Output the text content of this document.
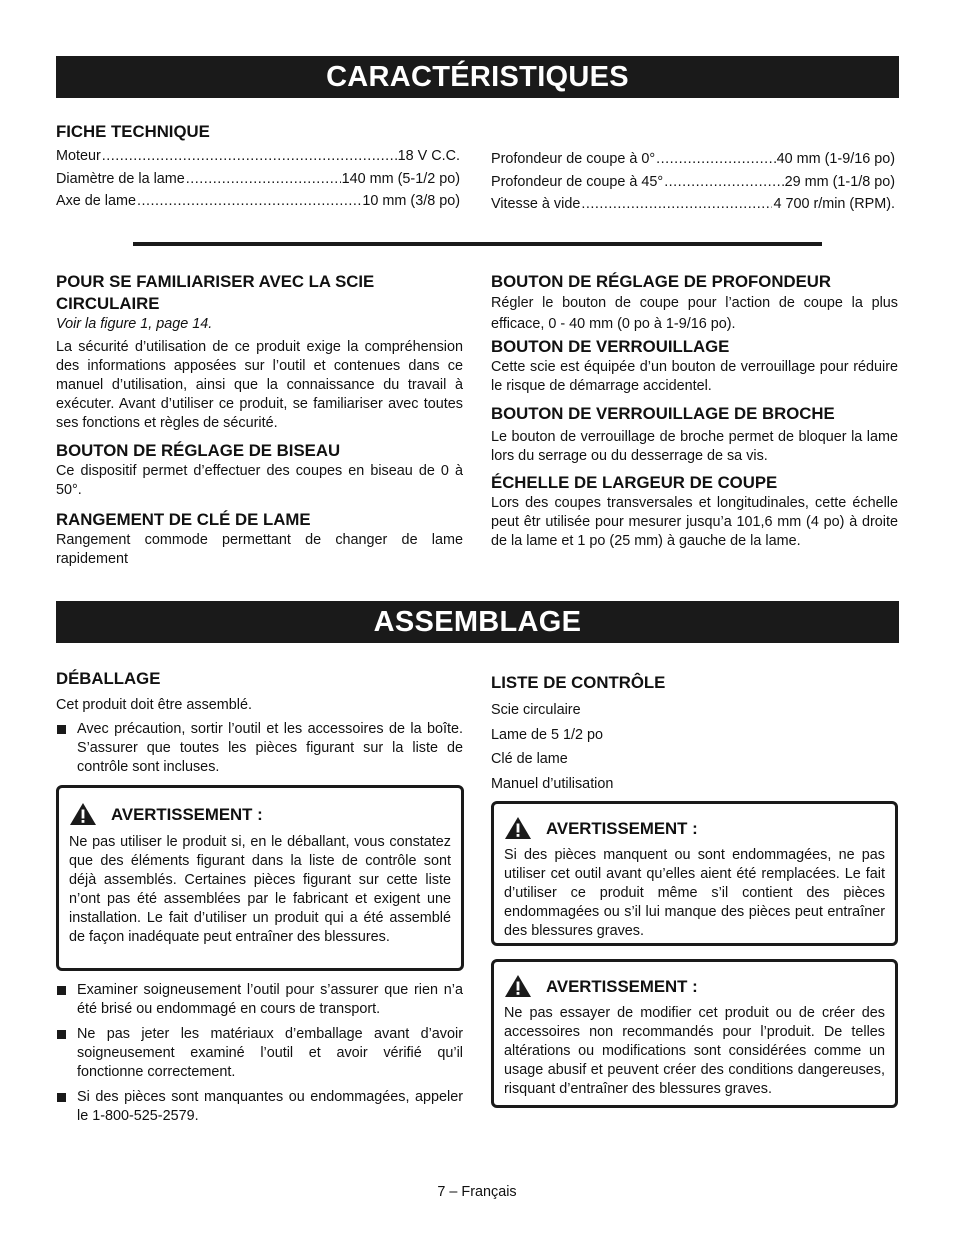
CARACTÉRISTIQUES
FICHE TECHNIQUE
Moteur .....	18 V C.C.
Diamètre de la lame .....	140 mm (5-1/2 po)
Axe de lame .....	10 mm (3/8 po)
Profondeur de coupe à 0° .....	40 mm (1-9/16 po)
Profondeur de coupe à 45° .....	29 mm (1-1/8 po)
Vitesse à vide .....	4 700 r/min (RPM).
POUR SE FAMILIARISER AVEC LA SCIE CIRCULAIRE
Voir la figure 1, page 14.
La sécurité d’utilisation de ce produit exige la compréhension des informations apposées sur l’outil et contenues dans ce manuel d’utilisation, ainsi que la connaissance du travail à exécuter. Avant d’utiliser ce produit, se familiariser avec toutes ses fonctions et règles de sécurité.
BOUTON DE RÉGLAGE DE BISEAU
Ce dispositif permet d’effectuer des coupes en biseau de 0 à 50°.
RANGEMENT DE CLÉ DE LAME
Rangement commode permettant de changer de lame rapidement
BOUTON DE RÉGLAGE DE PROFONDEUR
Régler le bouton de coupe pour l’action de coupe la plus efficace, 0 - 40 mm (0 po à 1-9/16 po).
BOUTON DE VERROUILLAGE
Cette scie est équipée d’un bouton de verrouillage pour réduire le risque de démarrage accidentel.
BOUTON DE VERROUILLAGE DE BROCHE
Le bouton de verrouillage de broche permet de bloquer la lame lors du serrage ou du desserrage de sa vis.
ÉCHELLE DE LARGEUR DE COUPE
Lors des coupes transversales et longitudinales, cette échelle peut êtr utilisée pour mesurer jusqu’a 101,6 mm (4 po) à droite de la lame et 1 po (25 mm) à gauche de la lame.
ASSEMBLAGE
DÉBALLAGE
Cet produit doit être assemblé.
Avec précaution, sortir l’outil et les accessoires de la boîte. S’assurer que toutes les pièces figurant sur la liste de contrôle sont incluses.
AVERTISSEMENT :
Ne pas utiliser le produit si, en le déballant, vous constatez que des éléments figurant dans la liste de contrôle sont déjà assemblés. Certaines pièces figurant sur cette liste n’ont pas été assemblées par le fabricant et exigent une installation. Le fait d’utiliser un produit qui a été assemblé de façon inadéquate peut entraîner des blessures.
Examiner soigneusement l’outil pour s’assurer que rien n’a été brisé ou endommagé en cours de transport.
Ne pas jeter les matériaux d’emballage avant d’avoir soigneusement examiné l’outil et avoir vérifié qu’il fonctionne correctement.
Si des pièces sont manquantes ou endommagées, appeler le 1-800-525-2579.
LISTE DE CONTRÔLE
Scie circulaire
Lame de 5 1/2 po
Clé de lame
Manuel d’utilisation
AVERTISSEMENT :
Si des pièces manquent ou sont endommagées, ne pas utiliser cet outil avant qu’elles aient été remplacées. Le fait d’utiliser ce produit même s’il contient des pièces endommagées ou s’il lui manque des pièces peut entraîner des blessures graves.
AVERTISSEMENT :
Ne pas essayer de modifier cet produit ou de créer des accessoires non recommandés pour l’produit. De telles altérations ou modifications sont considérées comme un usage abusif et peuvent créer des conditions dangereuses, risquant d’entraîner des blessures graves.
7 – Français
